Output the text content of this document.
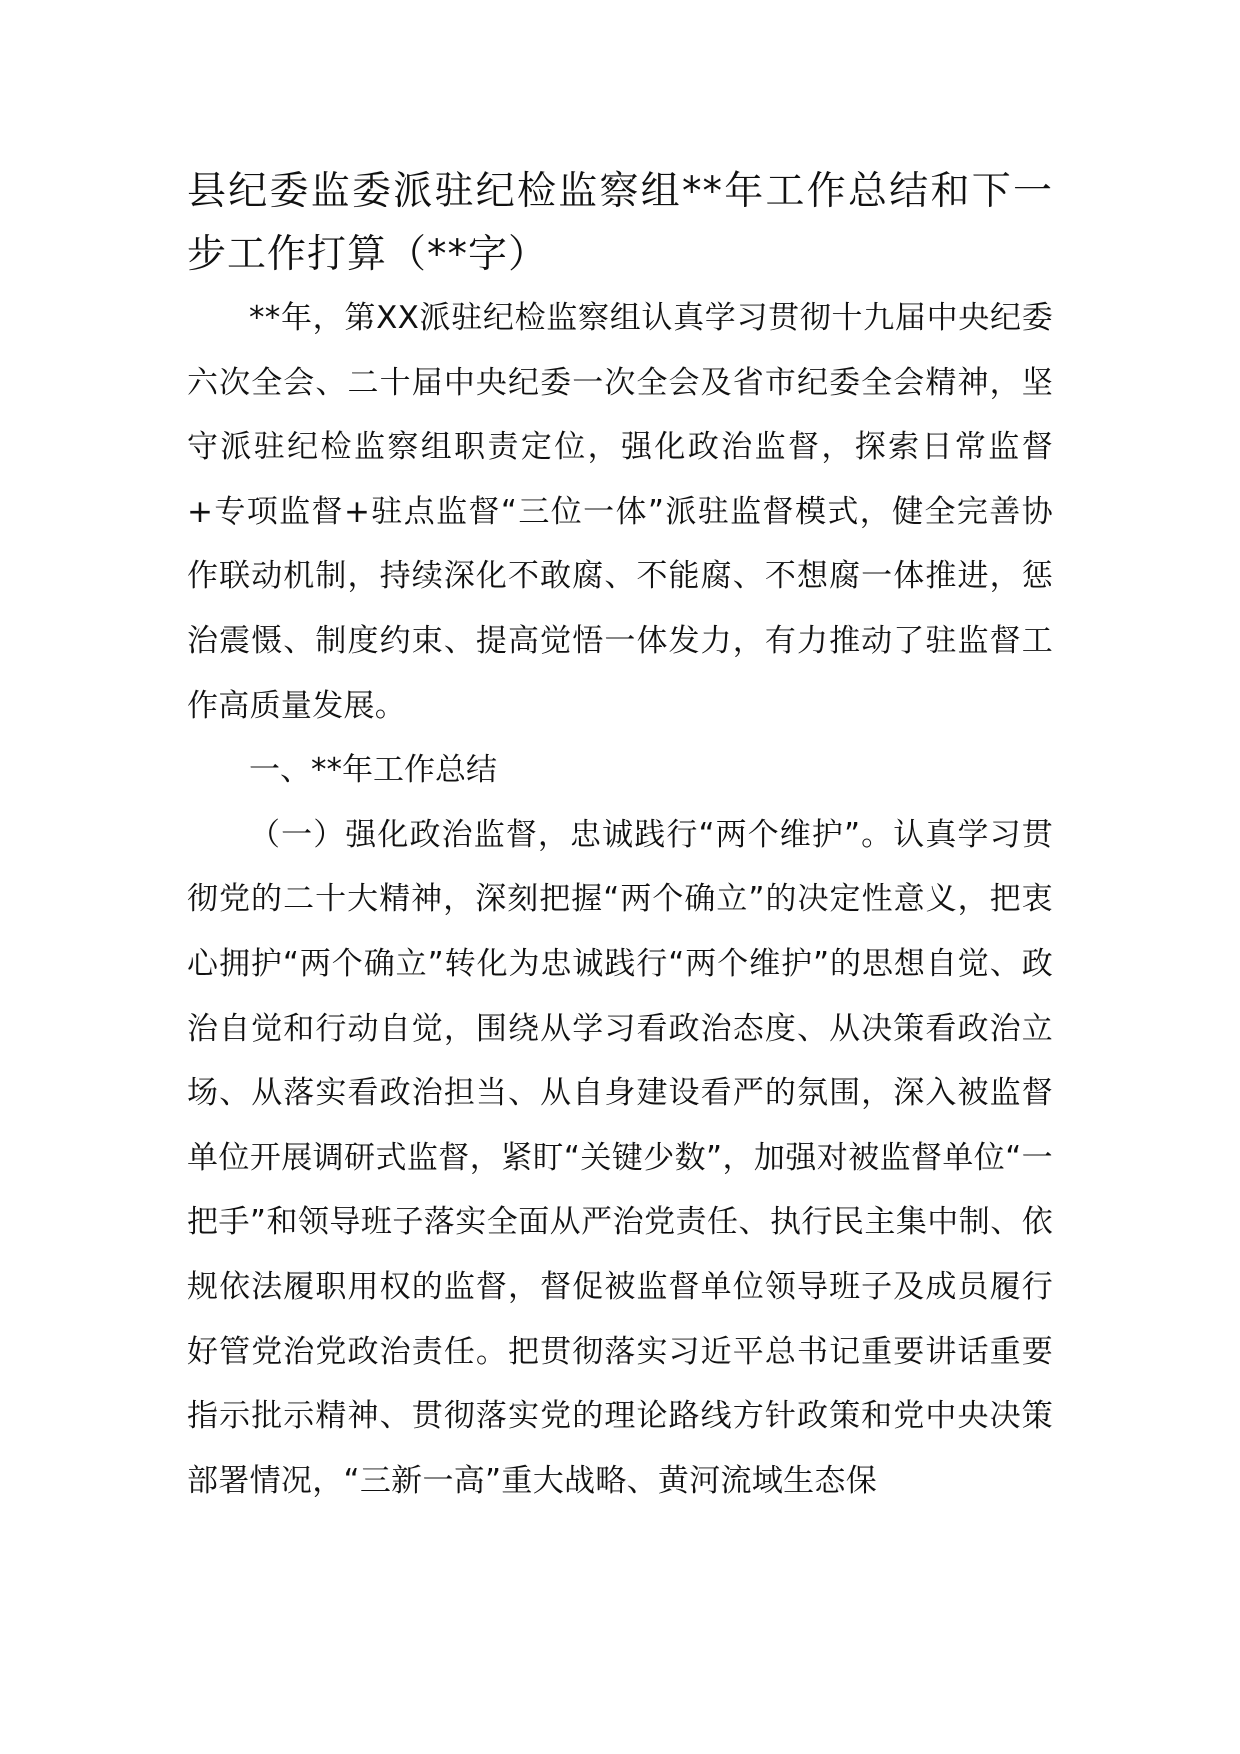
县纪委监委派驻纪检监察组**年工作总结和下一步工作打算（**字）

**年，第XX派驻纪检监察组认真学习贯彻十九届中央纪委六次全会、二十届中央纪委一次全会及省市纪委全会精神，坚守派驻纪检监察组职责定位，强化政治监督，探索日常监督+专项监督+驻点监督“三位一体”派驻监督模式，健全完善协作联动机制，持续深化不敢腐、不能腐、不想腐一体推进，惩治震慑、制度约束、提高觉悟一体发力，有力推动了驻监督工作高质量发展。

一、**年工作总结

（一）强化政治监督，忠诚践行“两个维护”。认真学习贯彻党的二十大精神，深刻把握“两个确立”的决定性意义，把衷心拥护“两个确立”转化为忠诚践行“两个维护”的思想自觉、政治自觉和行动自觉，围绕从学习看政治态度、从决策看政治立场、从落实看政治担当、从自身建设看严的氛围，深入被监督单位开展调研式监督，紧盯“关键少数”，加强对被监督单位“一把手”和领导班子落实全面从严治党责任、执行民主集中制、依规依法履职用权的监督，督促被监督单位领导班子及成员履行好管党治党政治责任。把贯彻落实习近平总书记重要讲话重要指示批示精神、贯彻落实党的理论路线方针政策和党中央决策部署情况，“三新一高”重大战略、黄河流域生态保
